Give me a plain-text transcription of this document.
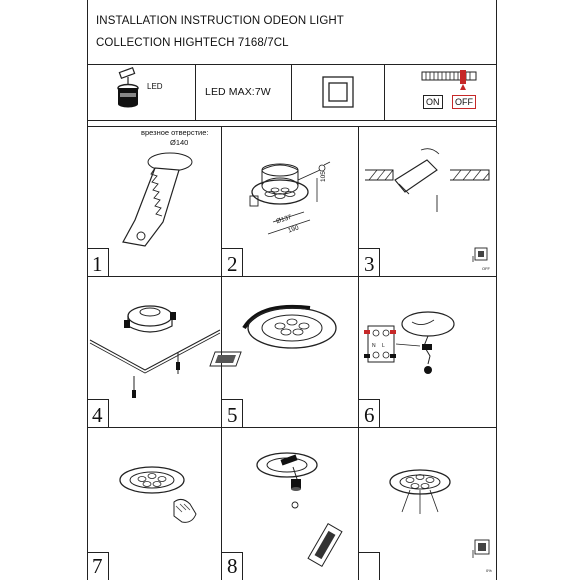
INSTALLATION INSTRUCTION ODEON LIGHT
COLLECTION HIGHTECH 7168/7CL
LED	LED MAX:7W
ON	OFF
врезное отверстие:
Ø140
1
105
Ø137
190
2	OFF
3
4	5
N L
6
7	8	0%
